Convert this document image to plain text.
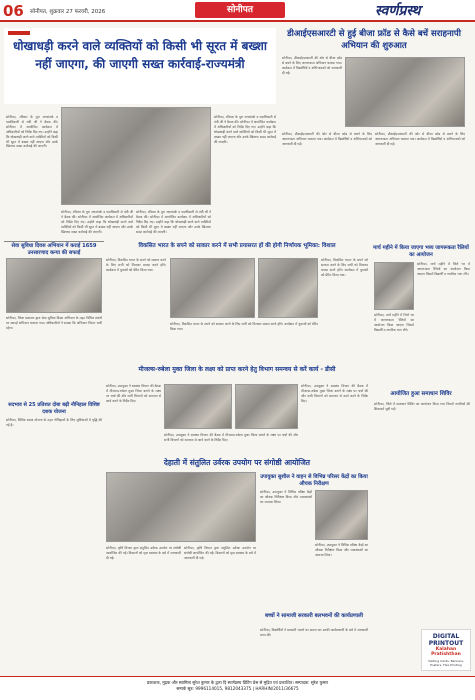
06 सोनीपत, शुक्रवार 27 फरवरी, 2026	सोनीपत	स्वर्णप्रस्थ
धोखाधड़ी करने वाले व्यक्तियों को किसी भी सूरत में बख्शा नहीं जाएगा, की जाएगी सख्त कार्रवाई-राज्यमंत्री
सोनीपत, रविवार के पुरा जनसंपर्क व पदाधिकारी से मंत्री जी ने बैठक की। सोनीपत में आयोजित कार्यक्रम में अधिकारियों को निर्देश दिए गए। उन्होंने कहा कि धोखाधड़ी करने वाले व्यक्तियों को किसी भी सूरत में बख्शा नहीं जाएगा और उनके खिलाफ सख्त कार्रवाई की जाएगी।
सोनीपत, रविवार के पुरा जनसंपर्क व पदाधिकारी से मंत्री जी ने बैठक की। सोनीपत में आयोजित कार्यक्रम में अधिकारियों को निर्देश दिए गए। उन्होंने कहा कि धोखाधड़ी करने वाले व्यक्तियों को किसी भी सूरत में बख्शा नहीं जाएगा और उनके खिलाफ सख्त कार्रवाई की जाएगी।
सोनीपत, रविवार के पुरा जनसंपर्क व पदाधिकारी से मंत्री जी ने बैठक की। सोनीपत में आयोजित कार्यक्रम में अधिकारियों को निर्देश दिए गए। उन्होंने कहा कि धोखाधड़ी करने वाले व्यक्तियों को किसी भी सूरत में बख्शा नहीं जाएगा और उनके खिलाफ सख्त कार्रवाई की जाएगी।
सोनीपत, रविवार के पुरा जनसंपर्क व पदाधिकारी से मंत्री जी ने बैठक की। सोनीपत में आयोजित कार्यक्रम में अधिकारियों को निर्देश दिए गए। उन्होंने कहा कि धोखाधड़ी करने वाले व्यक्तियों को किसी भी सूरत में बख्शा नहीं जाएगा और उनके खिलाफ सख्त कार्रवाई की जाएगी।
डीआईएसआरटी से हुई बीजा फ्रॉड से कैसे बचें सराहनापी अभियान की शुरुआत
सोनीपत, डीआईएसआरटी की ओर से बीजा फ्रॉड से बचने के लिए जागरूकता अभियान चलाया गया। कार्यक्रम में विद्यार्थियों व अभिभावकों को जानकारी दी गई।
सोनीपत, डीआईएसआरटी की ओर से बीजा फ्रॉड से बचने के लिए जागरूकता अभियान चलाया गया। कार्यक्रम में विद्यार्थियों व अभिभावकों को जानकारी दी गई।
सोनीपत, डीआईएसआरटी की ओर से बीजा फ्रॉड से बचने के लिए जागरूकता अभियान चलाया गया। कार्यक्रम में विद्यार्थियों व अभिभावकों को जानकारी दी गई।
सेवा सुविधा दिवस अभियान में कराई 1659 उनसारणाद कन्या की सफाई
सोनीपत, जिला प्रशासन द्वारा सेवा सुविधा दिवस अभियान के तहत विभिन्न स्थानों पर सफाई अभियान चलाया गया। अधिकारियों ने बताया कि अभियान निरंतर जारी रहेगा।
विकसित भारत के सपने को साकार करने में सभी प्रयासरत हों की होगी निर्णायक भूमिका: विशाल
सोनीपत, विकसित भारत के सपने को साकार करने के लिए सभी को मिलकर प्रयास करने होंगे। कार्यक्रम में युवाओं को प्रेरित किया गया।
सोनीपत, विकसित भारत के सपने को साकार करने के लिए सभी को मिलकर प्रयास करने होंगे। कार्यक्रम में युवाओं को प्रेरित किया गया।
सोनीपत, विकसित भारत के सपने को साकार करने के लिए सभी को मिलकर प्रयास करने होंगे। कार्यक्रम में युवाओं को प्रेरित किया गया।
मार्च महीने में किया जाएगा भव्य जागरूकता रैलियों का आयोजन
सोनीपत, मार्च महीने में जिले भर में जागरूकता रैलियों का आयोजन किया जाएगा जिसमें विद्यार्थी व नागरिक भाग लेंगे।
सोनीपत, मार्च महीने में जिले भर में जागरूकता रैलियों का आयोजन किया जाएगा जिसमें विद्यार्थी व नागरिक भाग लेंगे।
मीजल्स-रुबेला मुक्त जिला के लक्ष्य को प्राप्त करने हेतु विभाग समन्वय से करें कार्य - डीसी
सोनीपत, उपायुक्त ने स्वास्थ्य विभाग की बैठक में मीजल्स-रुबेला मुक्त जिला बनाने के लक्ष्य पर चर्चा की और सभी विभागों को समन्वय से कार्य करने के निर्देश दिए।
सोनीपत, उपायुक्त ने स्वास्थ्य विभाग की बैठक में मीजल्स-रुबेला मुक्त जिला बनाने के लक्ष्य पर चर्चा की और सभी विभागों को समन्वय से कार्य करने के निर्देश दिए।
सोनीपत, उपायुक्त ने स्वास्थ्य विभाग की बैठक में मीजल्स-रुबेला मुक्त जिला बनाने के लक्ष्य पर चर्चा की और सभी विभागों को समन्वय से कार्य करने के निर्देश दिए।
आयोजित हुआ समाधान शिविर
सोनीपत, जिले में समाधान शिविर का आयोजन किया गया जिसमें नागरिकों की शिकायतें सुनी गईं।
सदभाव से 25 प्रतिशत दोबा बढ़ी नौनिहाल विशिष्ट दशक योजना
सोनीपत, विशिष्ट दशक योजना के तहत नौनिहालों के लिए सुविधाओं में वृद्धि की गई है।
देहाती में संतुलित उर्वरक उपयोग पर संगोष्ठी आयोजित
सोनीपत, कृषि विभाग द्वारा संतुलित उर्वरक उपयोग पर संगोष्ठी आयोजित की गई। किसानों को मृदा स्वास्थ्य के बारे में जानकारी दी गई।
सोनीपत, कृषि विभाग द्वारा संतुलित उर्वरक उपयोग पर संगोष्ठी आयोजित की गई। किसानों को मृदा स्वास्थ्य के बारे में जानकारी दी गई।
उपायुक्त सुशील ने वाहन से विभिन्न परिसर केंद्रों का किया औचक निरीक्षण
सोनीपत, उपायुक्त ने विभिन्न परीक्षा केंद्रों का औचक निरीक्षण किया और व्यवस्थाओं का जायजा लिया।
सोनीपत, उपायुक्त ने विभिन्न परीक्षा केंद्रों का औचक निरीक्षण किया और व्यवस्थाओं का जायजा लिया।
बच्चों ने सामाजी सरकारी बलभवनों की कार्यप्रणाली
सोनीपत, विद्यार्थियों ने सरकारी भवनों का भ्रमण कर उनकी कार्यप्रणाली के बारे में जानकारी प्राप्त की।	DIGITAL PRINTOUT
Kalahan Pratishthan
Visiting Cards, Banners, Posters, Flex Printing
प्रकाशक, मुद्रक और स्वामित्व सुरेश कुमार के द्वारा दि स्वर्णप्रस्थ प्रिंटिंग प्रेस से मुद्रित एवं प्रकाशित। सम्पादक: सुरेश कुमार
सम्पर्क सूत्र: 9996114015, 9812043375 | HARHIN/2011/36675
